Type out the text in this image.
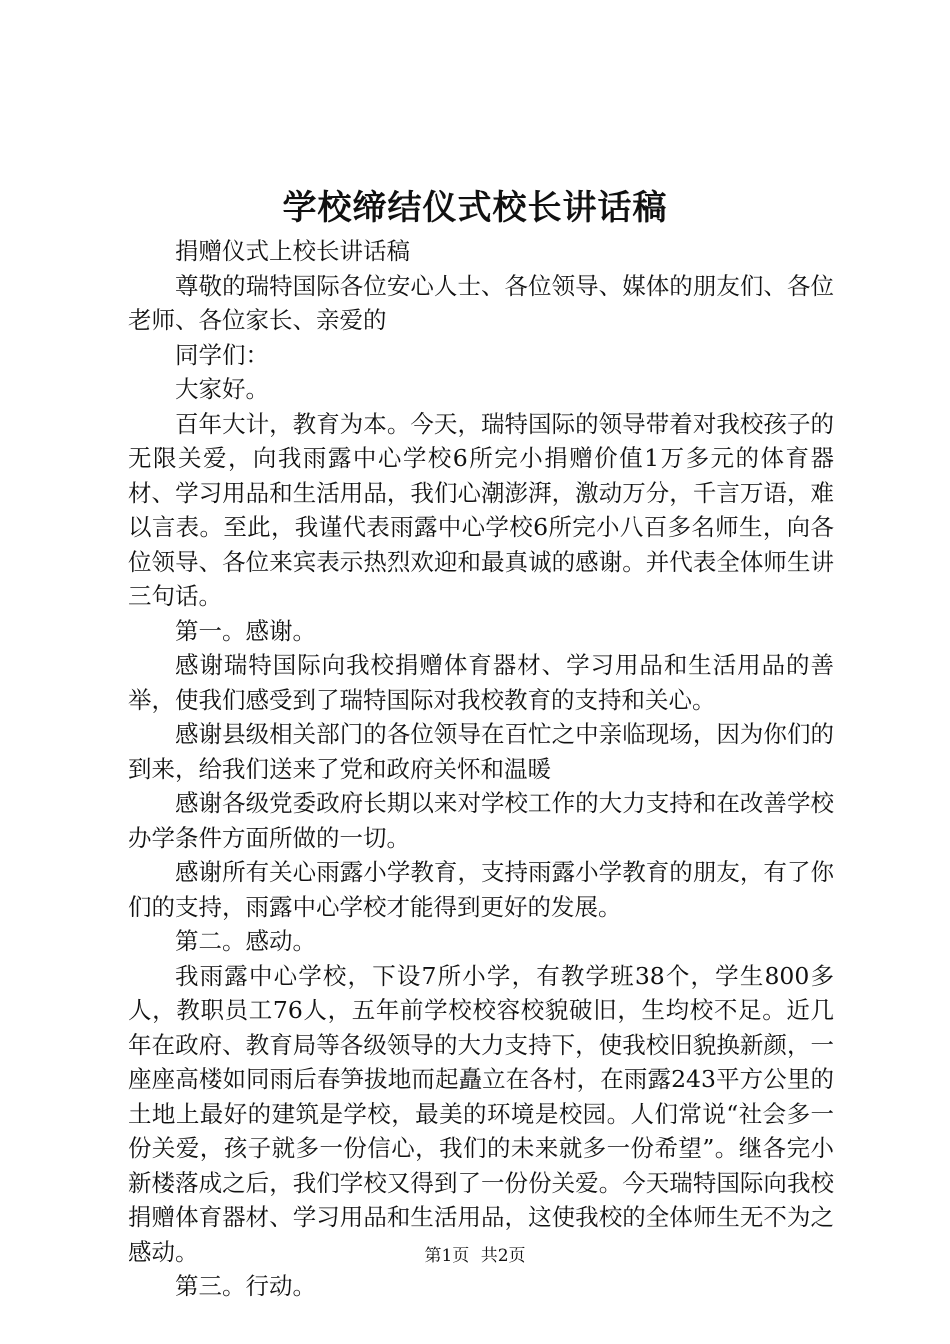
学校缔结仪式校长讲话稿

捐赠仪式上校长讲话稿

尊敬的瑞特国际各位安心人士、各位领导、媒体的朋友们、各位老师、各位家长、亲爱的

同学们：

大家好。

百年大计，教育为本。今天，瑞特国际的领导带着对我校孩子的无限关爱，向我雨露中心学校6所完小捐赠价值1万多元的体育器材、学习用品和生活用品，我们心潮澎湃，激动万分，千言万语，难以言表。至此，我谨代表雨露中心学校6所完小八百多名师生，向各位领导、各位来宾表示热烈欢迎和最真诚的感谢。并代表全体师生讲三句话。

第一。感谢。

感谢瑞特国际向我校捐赠体育器材、学习用品和生活用品的善举，使我们感受到了瑞特国际对我校教育的支持和关心。

感谢县级相关部门的各位领导在百忙之中亲临现场，因为你们的到来，给我们送来了党和政府关怀和温暖

感谢各级党委政府长期以来对学校工作的大力支持和在改善学校办学条件方面所做的一切。

感谢所有关心雨露小学教育，支持雨露小学教育的朋友，有了你们的支持，雨露中心学校才能得到更好的发展。

第二。感动。

我雨露中心学校，下设7所小学，有教学班38个，学生800多人，教职员工76人，五年前学校校容校貌破旧，生均校不足。近几年在政府、教育局等各级领导的大力支持下，使我校旧貌换新颜，一座座高楼如同雨后春笋拔地而起矗立在各村，在雨露243平方公里的土地上最好的建筑是学校，最美的环境是校园。人们常说“社会多一份关爱，孩子就多一份信心，我们的未来就多一份希望”。继各完小新楼落成之后，我们学校又得到了一份份关爱。今天瑞特国际向我校捐赠体育器材、学习用品和生活用品，这使我校的全体师生无不为之感动。

第三。行动。

第1页 共2页
